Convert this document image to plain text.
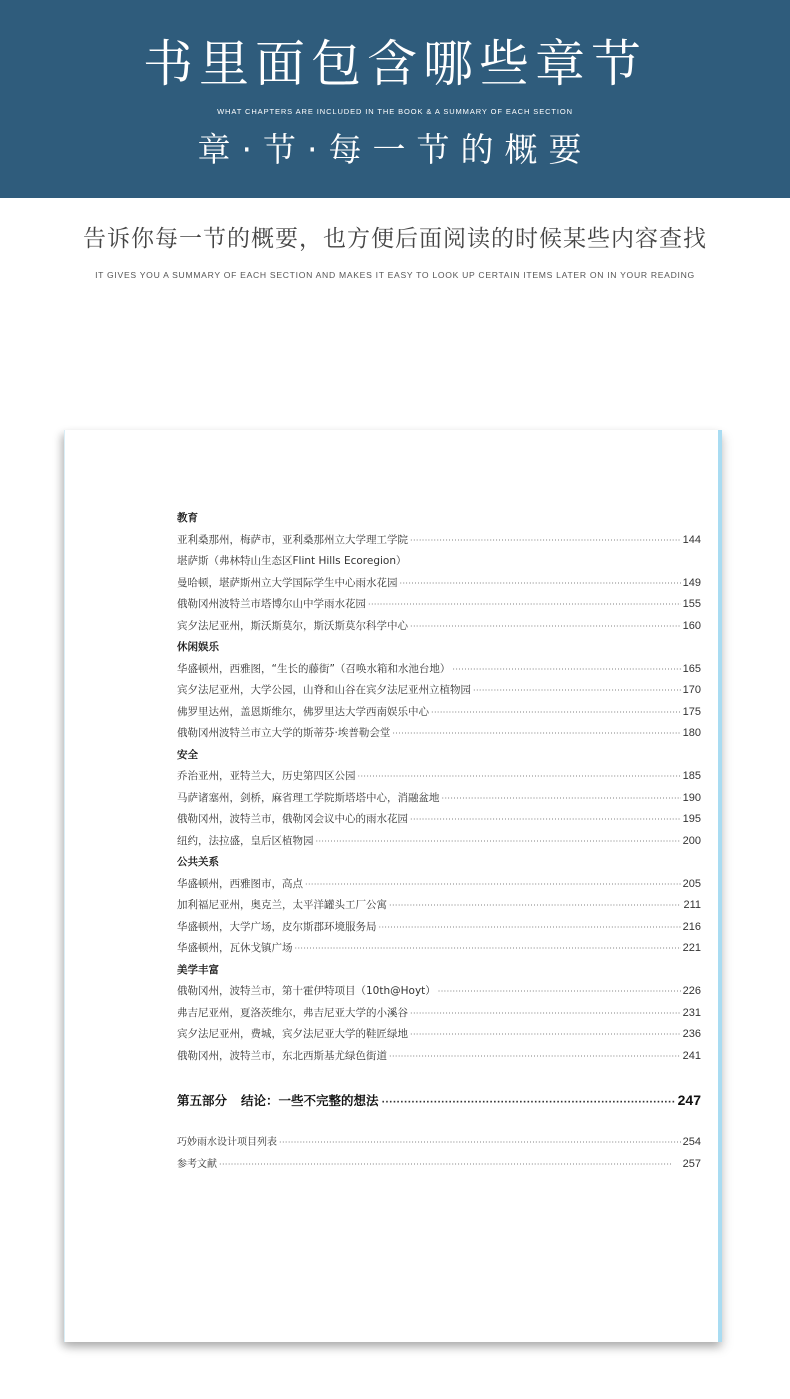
书里面包含哪些章节
WHAT CHAPTERS ARE INCLUDED IN THE BOOK & A SUMMARY OF EACH SECTION
章·节·每一节的概要
告诉你每一节的概要，也方便后面阅读的时候某些内容查找
IT GIVES YOU A SUMMARY OF EACH SECTION AND MAKES IT EASY TO LOOK UP CERTAIN ITEMS LATER ON IN YOUR READING
教育
亚利桑那州，梅萨市，亚利桑那州立大学理工学院 ·····	144
堪萨斯（弗林特山生态区Flint Hills Ecoregion）
曼哈顿，堪萨斯州立大学国际学生中心雨水花园 ·····	149
俄勒冈州波特兰市塔博尔山中学雨水花园 ·····	155
宾夕法尼亚州，斯沃斯莫尔，斯沃斯莫尔科学中心 ·····	160
休闲娱乐
华盛顿州，西雅图，“生长的藤街”（召唤水箱和水池台地） ·····	165
宾夕法尼亚州，大学公园，山脊和山谷在宾夕法尼亚州立植物园 ·····	170
佛罗里达州，盖恩斯维尔，佛罗里达大学西南娱乐中心 ·····	175
俄勒冈州波特兰市立大学的斯蒂芬·埃普勒会堂 ·····	180
安全
乔治亚州，亚特兰大，历史第四区公园 ·····	185
马萨诸塞州，剑桥，麻省理工学院斯塔塔中心，消融盆地 ·····	190
俄勒冈州，波特兰市，俄勒冈会议中心的雨水花园 ·····	195
纽约，法拉盛，皇后区植物园 ·····	200
公共关系
华盛顿州，西雅图市，高点 ·····	205
加利福尼亚州，奥克兰，太平洋罐头工厂公寓 ·····	211
华盛顿州，大学广场，皮尔斯郡环境服务局 ·····	216
华盛顿州，瓦休戈镇广场 ·····	221
美学丰富
俄勒冈州，波特兰市，第十霍伊特项目（10th@Hoyt） ·····	226
弗吉尼亚州，夏洛茨维尔，弗吉尼亚大学的小溪谷 ·····	231
宾夕法尼亚州，费城，宾夕法尼亚大学的鞋匠绿地 ·····	236
俄勒冈州，波特兰市，东北西斯基尤绿色街道 ·····	241
第五部分 结论：一些不完整的想法 ·····	247
巧妙雨水设计项目列表 ·····	254
参考文献 ·····	257
